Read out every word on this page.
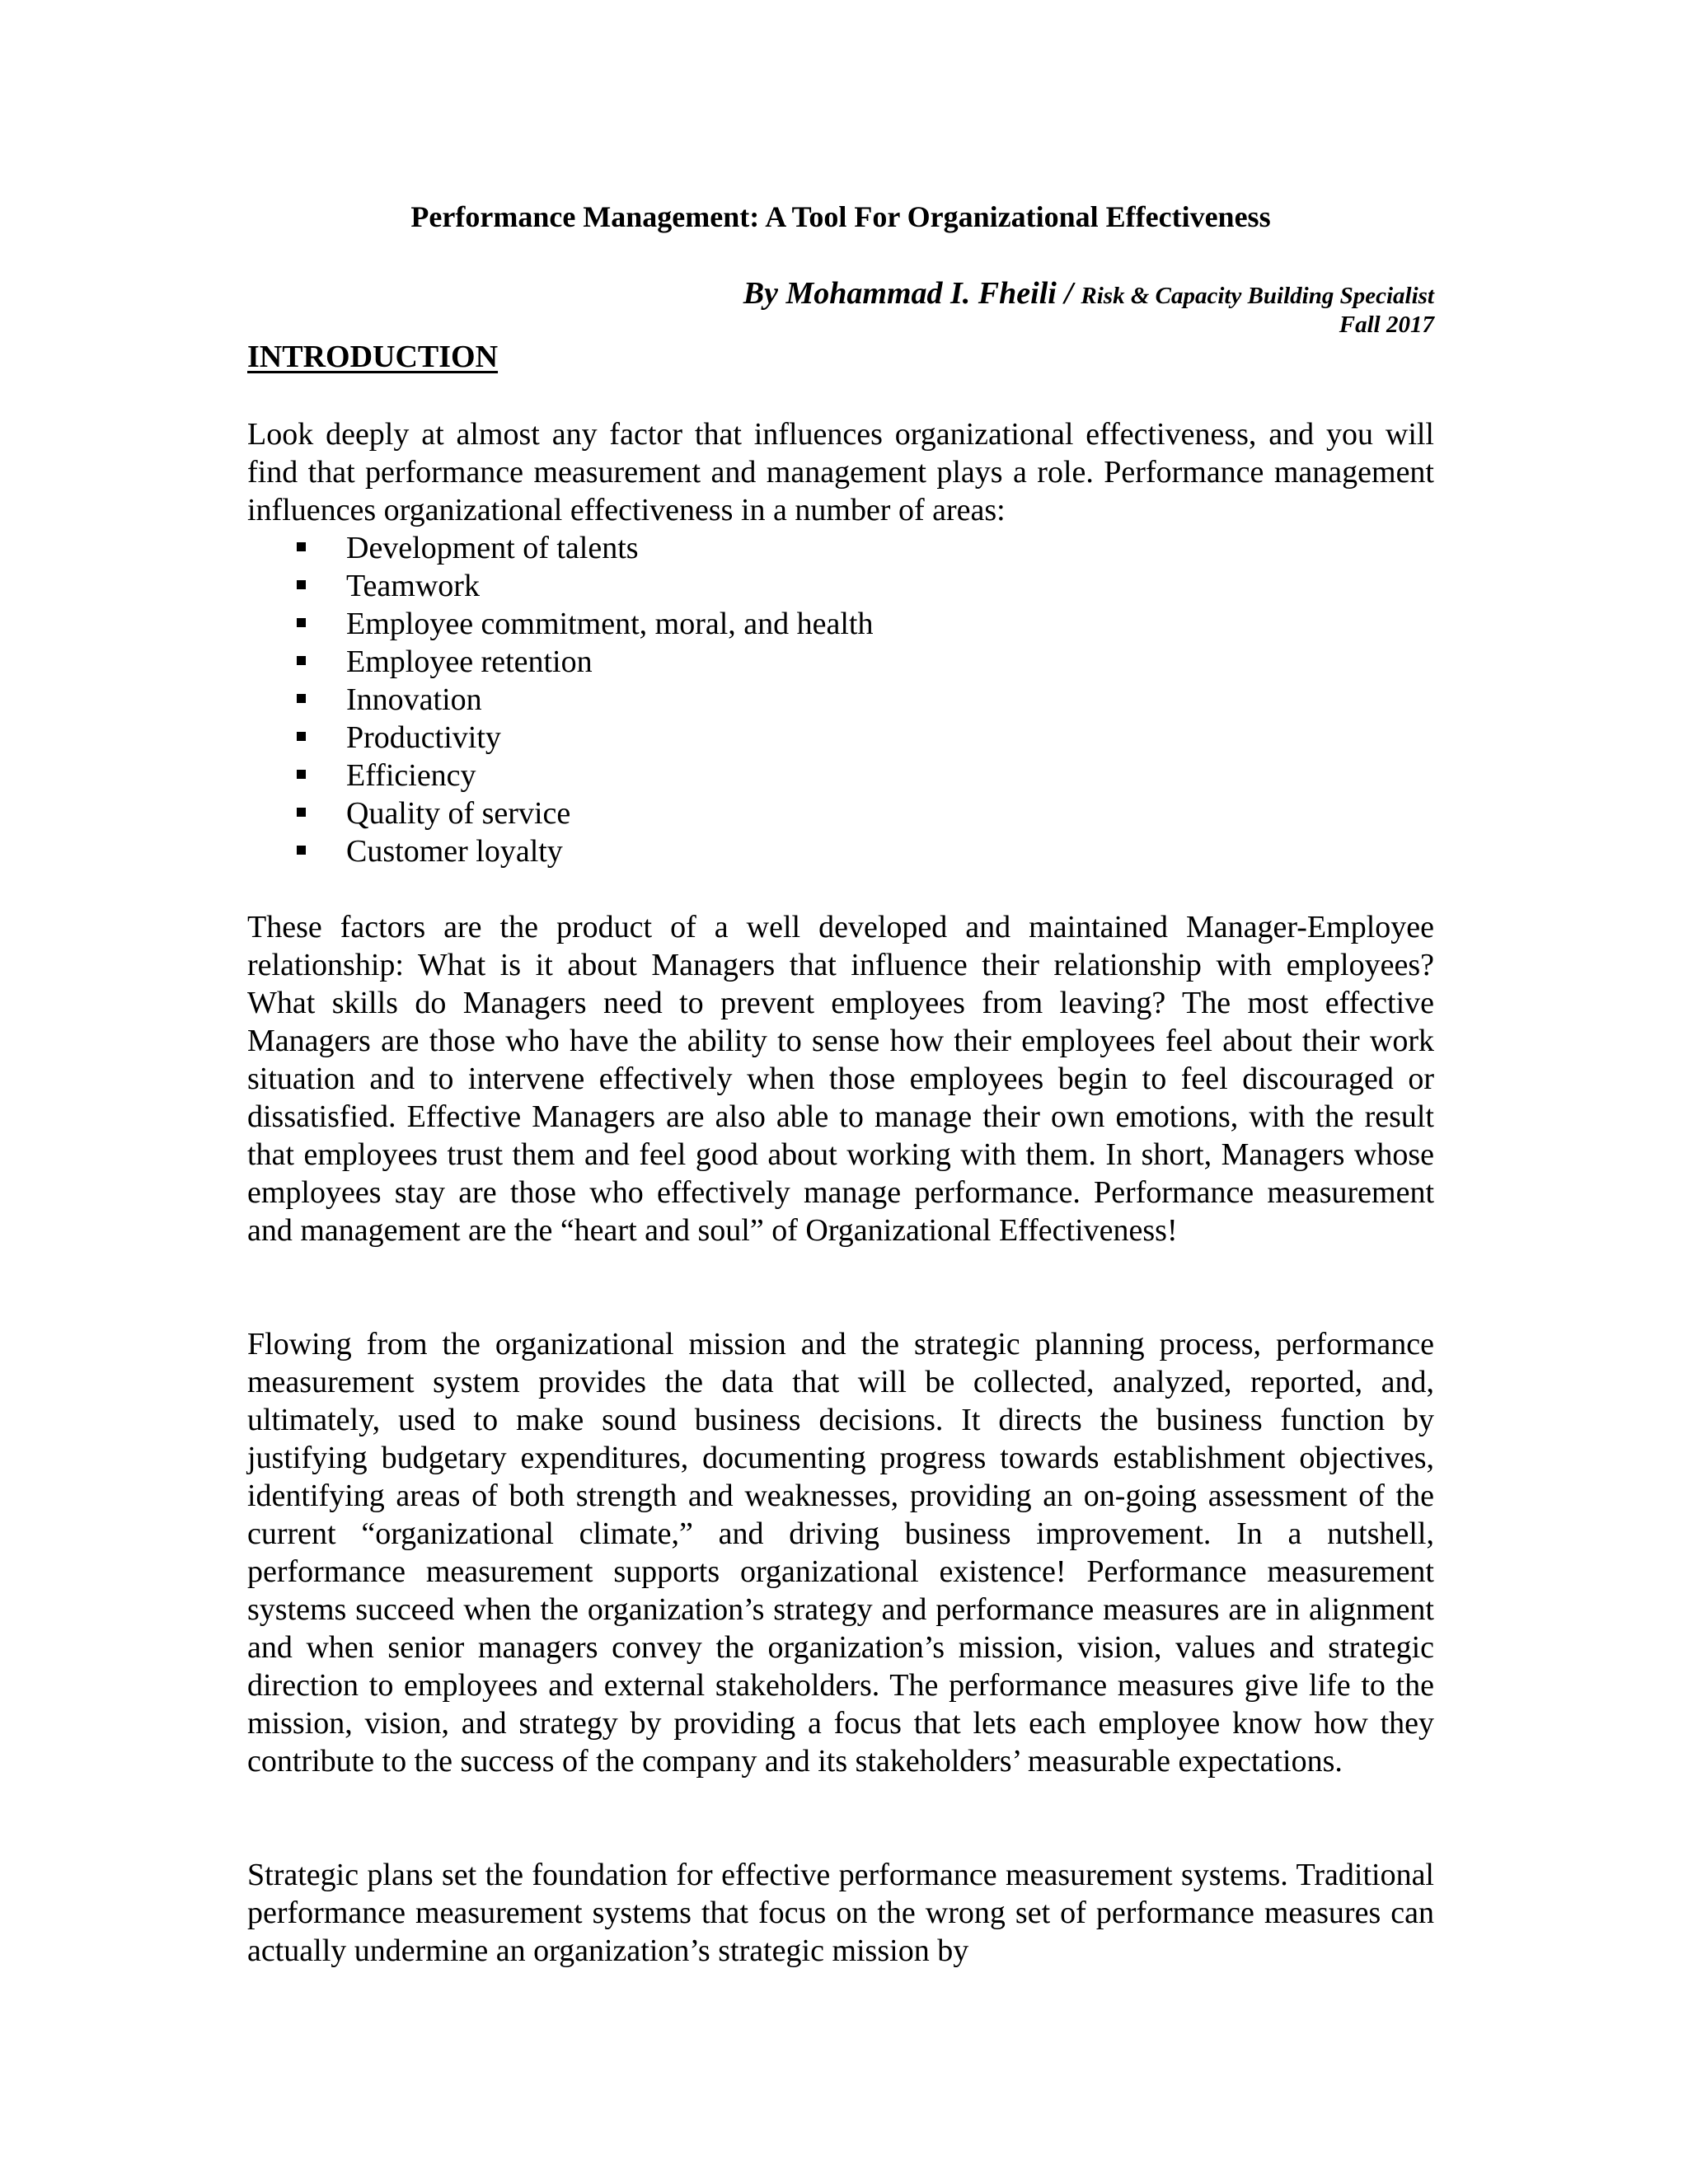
Performance Management: A Tool For Organizational Effectiveness
By Mohammad I. Fheili / Risk & Capacity Building Specialist
Fall 2017
INTRODUCTION

Look deeply at almost any factor that influences organizational effectiveness, and you will find that performance measurement and management plays a role. Performance management influences organizational effectiveness in a number of areas:

Development of talents
Teamwork
Employee commitment, moral, and health
Employee retention
Innovation
Productivity
Efficiency
Quality of service
Customer loyalty

These factors are the product of a well developed and maintained Manager-Employee relationship: What is it about Managers that influence their relationship with employees? What skills do Managers need to prevent employees from leaving? The most effective Managers are those who have the ability to sense how their employees feel about their work situation and to intervene effectively when those employees begin to feel discouraged or dissatisfied. Effective Managers are also able to manage their own emotions, with the result that employees trust them and feel good about working with them. In short, Managers whose employees stay are those who effectively manage performance. Performance measurement and management are the “heart and soul” of Organizational Effectiveness!

Flowing from the organizational mission and the strategic planning process, performance measurement system provides the data that will be collected, analyzed, reported, and, ultimately, used to make sound business decisions. It directs the business function by justifying budgetary expenditures, documenting progress towards establishment objectives, identifying areas of both strength and weaknesses, providing an on-going assessment of the current “organizational climate,” and driving business improvement. In a nutshell, performance measurement supports organizational existence! Performance measurement systems succeed when the organization’s strategy and performance measures are in alignment and when senior managers convey the organization’s mission, vision, values and strategic direction to employees and external stakeholders. The performance measures give life to the mission, vision, and strategy by providing a focus that lets each employee know how they contribute to the success of the company and its stakeholders’ measurable expectations.

Strategic plans set the foundation for effective performance measurement systems. Traditional performance measurement systems that focus on the wrong set of performance measures can actually undermine an organization’s strategic mission by
